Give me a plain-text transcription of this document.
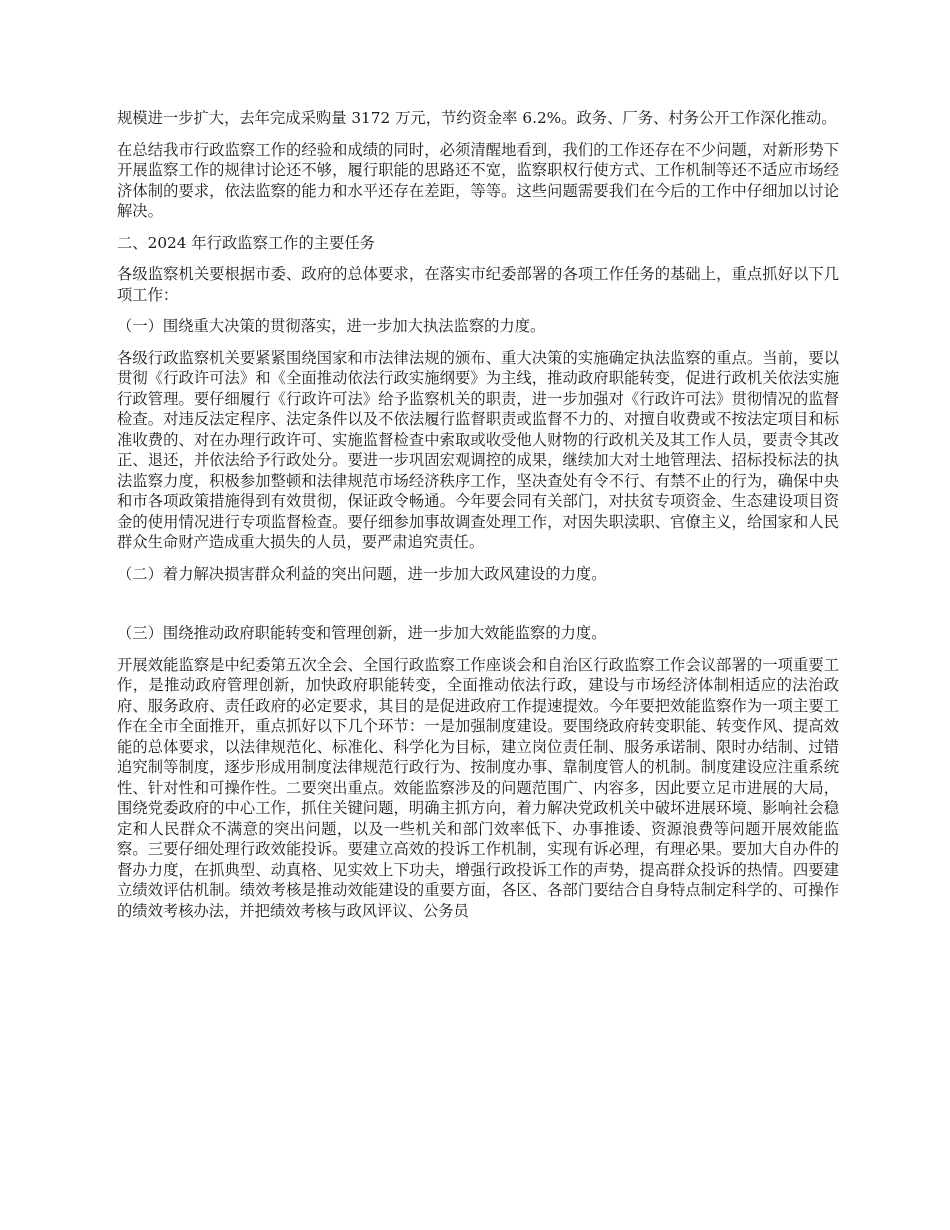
规模进一步扩大，去年完成采购量 3172 万元，节约资金率 6.2%。政务、厂务、村务公开工作深化推动。

在总结我市行政监察工作的经验和成绩的同时，必须清醒地看到，我们的工作还存在不少问题，对新形势下开展监察工作的规律讨论还不够，履行职能的思路还不宽，监察职权行使方式、工作机制等还不适应市场经济体制的要求，依法监察的能力和水平还存在差距，等等。这些问题需要我们在今后的工作中仔细加以讨论解决。

二、2024 年行政监察工作的主要任务

各级监察机关要根据市委、政府的总体要求，在落实市纪委部署的各项工作任务的基础上，重点抓好以下几项工作：

（一）围绕重大决策的贯彻落实，进一步加大执法监察的力度。

各级行政监察机关要紧紧围绕国家和市法律法规的颁布、重大决策的实施确定执法监察的重点。当前，要以贯彻《行政许可法》和《全面推动依法行政实施纲要》为主线，推动政府职能转变，促进行政机关依法实施行政管理。要仔细履行《行政许可法》给予监察机关的职责，进一步加强对《行政许可法》贯彻情况的监督检查。对违反法定程序、法定条件以及不依法履行监督职责或监督不力的、对擅自收费或不按法定项目和标准收费的、对在办理行政许可、实施监督检查中索取或收受他人财物的行政机关及其工作人员，要责令其改正、退还，并依法给予行政处分。要进一步巩固宏观调控的成果，继续加大对土地管理法、招标投标法的执法监察力度，积极参加整顿和法律规范市场经济秩序工作，坚决查处有令不行、有禁不止的行为，确保中央和市各项政策措施得到有效贯彻，保证政令畅通。今年要会同有关部门，对扶贫专项资金、生态建设项目资金的使用情况进行专项监督检查。要仔细参加事故调查处理工作，对因失职渎职、官僚主义，给国家和人民群众生命财产造成重大损失的人员，要严肃追究责任。

（二）着力解决损害群众利益的突出问题，进一步加大政风建设的力度。

（三）围绕推动政府职能转变和管理创新，进一步加大效能监察的力度。

开展效能监察是中纪委第五次全会、全国行政监察工作座谈会和自治区行政监察工作会议部署的一项重要工作，是推动政府管理创新，加快政府职能转变，全面推动依法行政，建设与市场经济体制相适应的法治政府、服务政府、责任政府的必定要求，其目的是促进政府工作提速提效。今年要把效能监察作为一项主要工作在全市全面推开，重点抓好以下几个环节：一是加强制度建设。要围绕政府转变职能、转变作风、提高效能的总体要求，以法律规范化、标准化、科学化为目标，建立岗位责任制、服务承诺制、限时办结制、过错追究制等制度，逐步形成用制度法律规范行政行为、按制度办事、靠制度管人的机制。制度建设应注重系统性、针对性和可操作性。二要突出重点。效能监察涉及的问题范围广、内容多，因此要立足市进展的大局，围绕党委政府的中心工作，抓住关键问题，明确主抓方向，着力解决党政机关中破坏进展环境、影响社会稳定和人民群众不满意的突出问题，以及一些机关和部门效率低下、办事推诿、资源浪费等问题开展效能监察。三要仔细处理行政效能投诉。要建立高效的投诉工作机制，实现有诉必理，有理必果。要加大自办件的督办力度，在抓典型、动真格、见实效上下功夫，增强行政投诉工作的声势，提高群众投诉的热情。四要建立绩效评估机制。绩效考核是推动效能建设的重要方面，各区、各部门要结合自身特点制定科学的、可操作的绩效考核办法，并把绩效考核与政风评议、公务员
